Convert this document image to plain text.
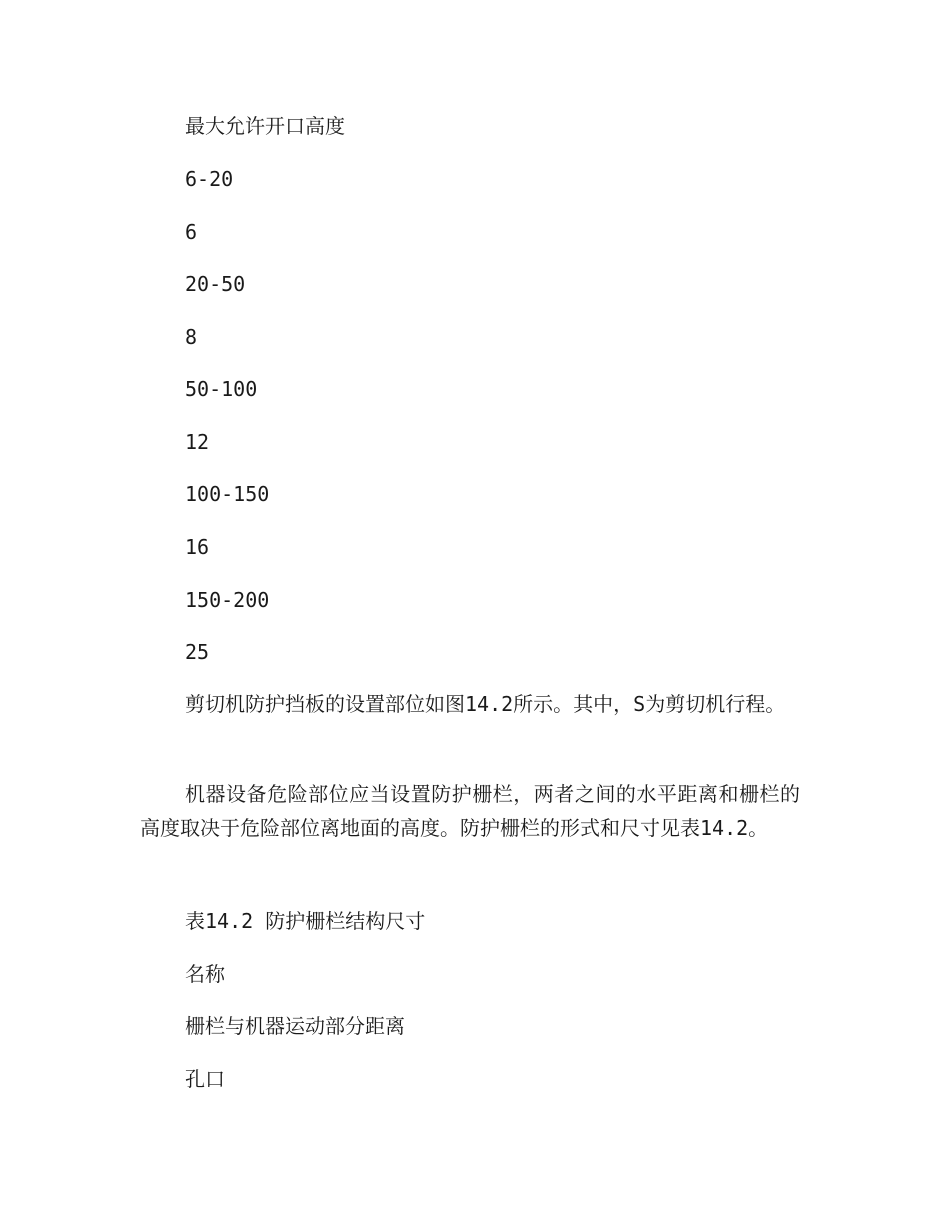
最大允许开口高度

6-20

6

20-50

8

50-100

12

100-150

16

150-200

25

剪切机防护挡板的设置部位如图14.2所示。其中，S为剪切机行程。

机器设备危险部位应当设置防护栅栏，两者之间的水平距离和栅栏的高度取决于危险部位离地面的高度。防护栅栏的形式和尺寸见表14.2。

表14.2 防护栅栏结构尺寸

名称

栅栏与机器运动部分距离

孔口
